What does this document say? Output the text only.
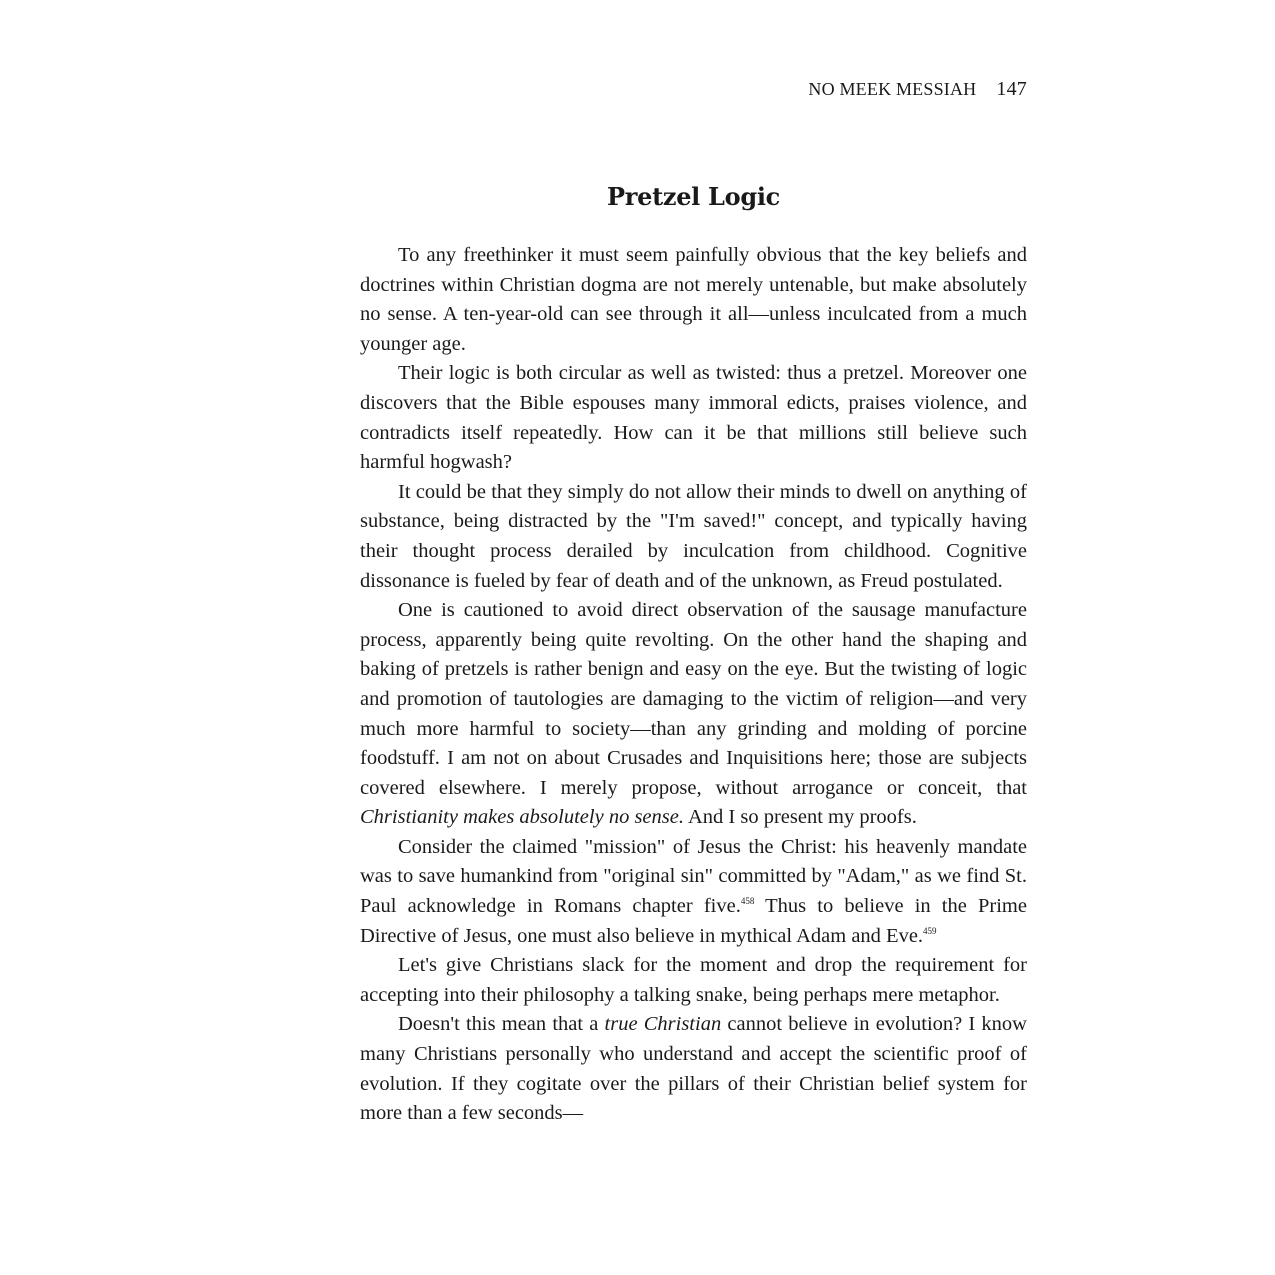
NO MEEK MESSIAH 147
Pretzel Logic

To any freethinker it must seem painfully obvious that the key beliefs and doctrines within Christian dogma are not merely untenable, but make absolutely no sense. A ten-year-old can see through it all—unless inculcated from a much younger age.

Their logic is both circular as well as twisted: thus a pretzel. Moreover one discovers that the Bible espouses many immoral edicts, praises violence, and contradicts itself repeatedly. How can it be that millions still believe such harmful hogwash?

It could be that they simply do not allow their minds to dwell on anything of substance, being distracted by the "I'm saved!" concept, and typically having their thought process derailed by inculcation from childhood. Cognitive dissonance is fueled by fear of death and of the unknown, as Freud postulated.

One is cautioned to avoid direct observation of the sausage manufacture process, apparently being quite revolting. On the other hand the shaping and baking of pretzels is rather benign and easy on the eye. But the twisting of logic and promotion of tautologies are damaging to the victim of religion—and very much more harmful to society—than any grinding and molding of porcine foodstuff. I am not on about Crusades and Inquisitions here; those are subjects covered elsewhere. I merely propose, without arrogance or conceit, that Christianity makes absolutely no sense. And I so present my proofs.

Consider the claimed "mission" of Jesus the Christ: his heavenly mandate was to save humankind from "original sin" committed by "Adam," as we find St. Paul acknowledge in Romans chapter five.$^{458}$ Thus to believe in the Prime Directive of Jesus, one must also believe in mythical Adam and Eve.$^{459}$

Let's give Christians slack for the moment and drop the requirement for accepting into their philosophy a talking snake, being perhaps mere metaphor.

Doesn't this mean that a true Christian cannot believe in evolution? I know many Christians personally who understand and accept the scientific proof of evolution. If they cogitate over the pillars of their Christian belief system for more than a few seconds—
